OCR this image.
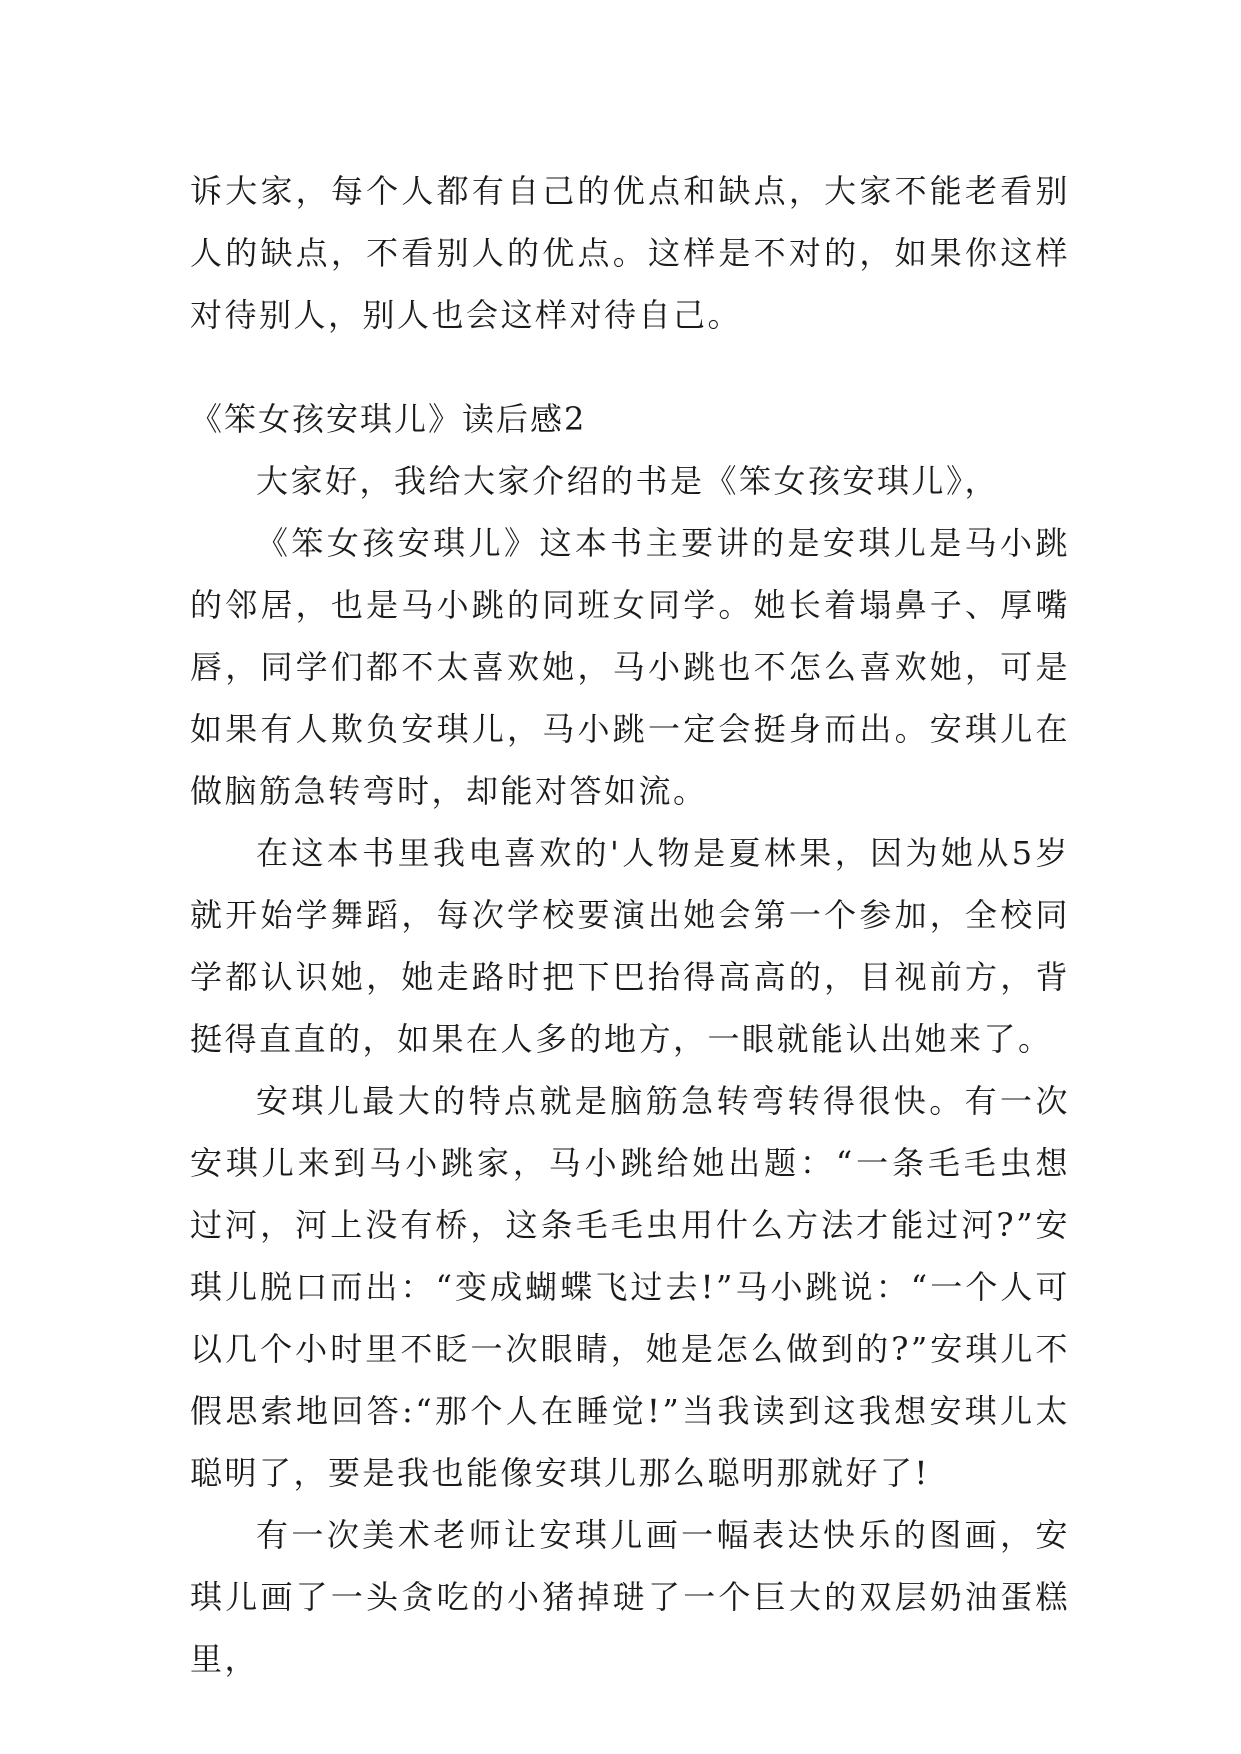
诉大家，每个人都有自己的优点和缺点，大家不能老看别人的缺点，不看别人的优点。这样是不对的，如果你这样对待别人，别人也会这样对待自己。

《笨女孩安琪儿》读后感2

大家好，我给大家介绍的书是《笨女孩安琪儿》，

《笨女孩安琪儿》这本书主要讲的是安琪儿是马小跳的邻居，也是马小跳的同班女同学。她长着塌鼻子、厚嘴唇，同学们都不太喜欢她，马小跳也不怎么喜欢她，可是如果有人欺负安琪儿，马小跳一定会挺身而出。安琪儿在做脑筋急转弯时，却能对答如流。

在这本书里我电喜欢的'人物是夏林果，因为她从5岁就开始学舞蹈，每次学校要演出她会第一个参加，全校同学都认识她，她走路时把下巴抬得高高的，目视前方，背挺得直直的，如果在人多的地方，一眼就能认出她来了。

安琪儿最大的特点就是脑筋急转弯转得很快。有一次安琪儿来到马小跳家，马小跳给她出题：“一条毛毛虫想过河，河上没有桥，这条毛毛虫用什么方法才能过河?”安琪儿脱口而出：“变成蝴蝶飞过去!”马小跳说：“一个人可以几个小时里不眨一次眼睛，她是怎么做到的?”安琪儿不假思索地回答:“那个人在睡觉!”当我读到这我想安琪儿太聪明了，要是我也能像安琪儿那么聪明那就好了!

有一次美术老师让安琪儿画一幅表达快乐的图画，安琪儿画了一头贪吃的小猪掉琎了一个巨大的双层奶油蛋糕里，
